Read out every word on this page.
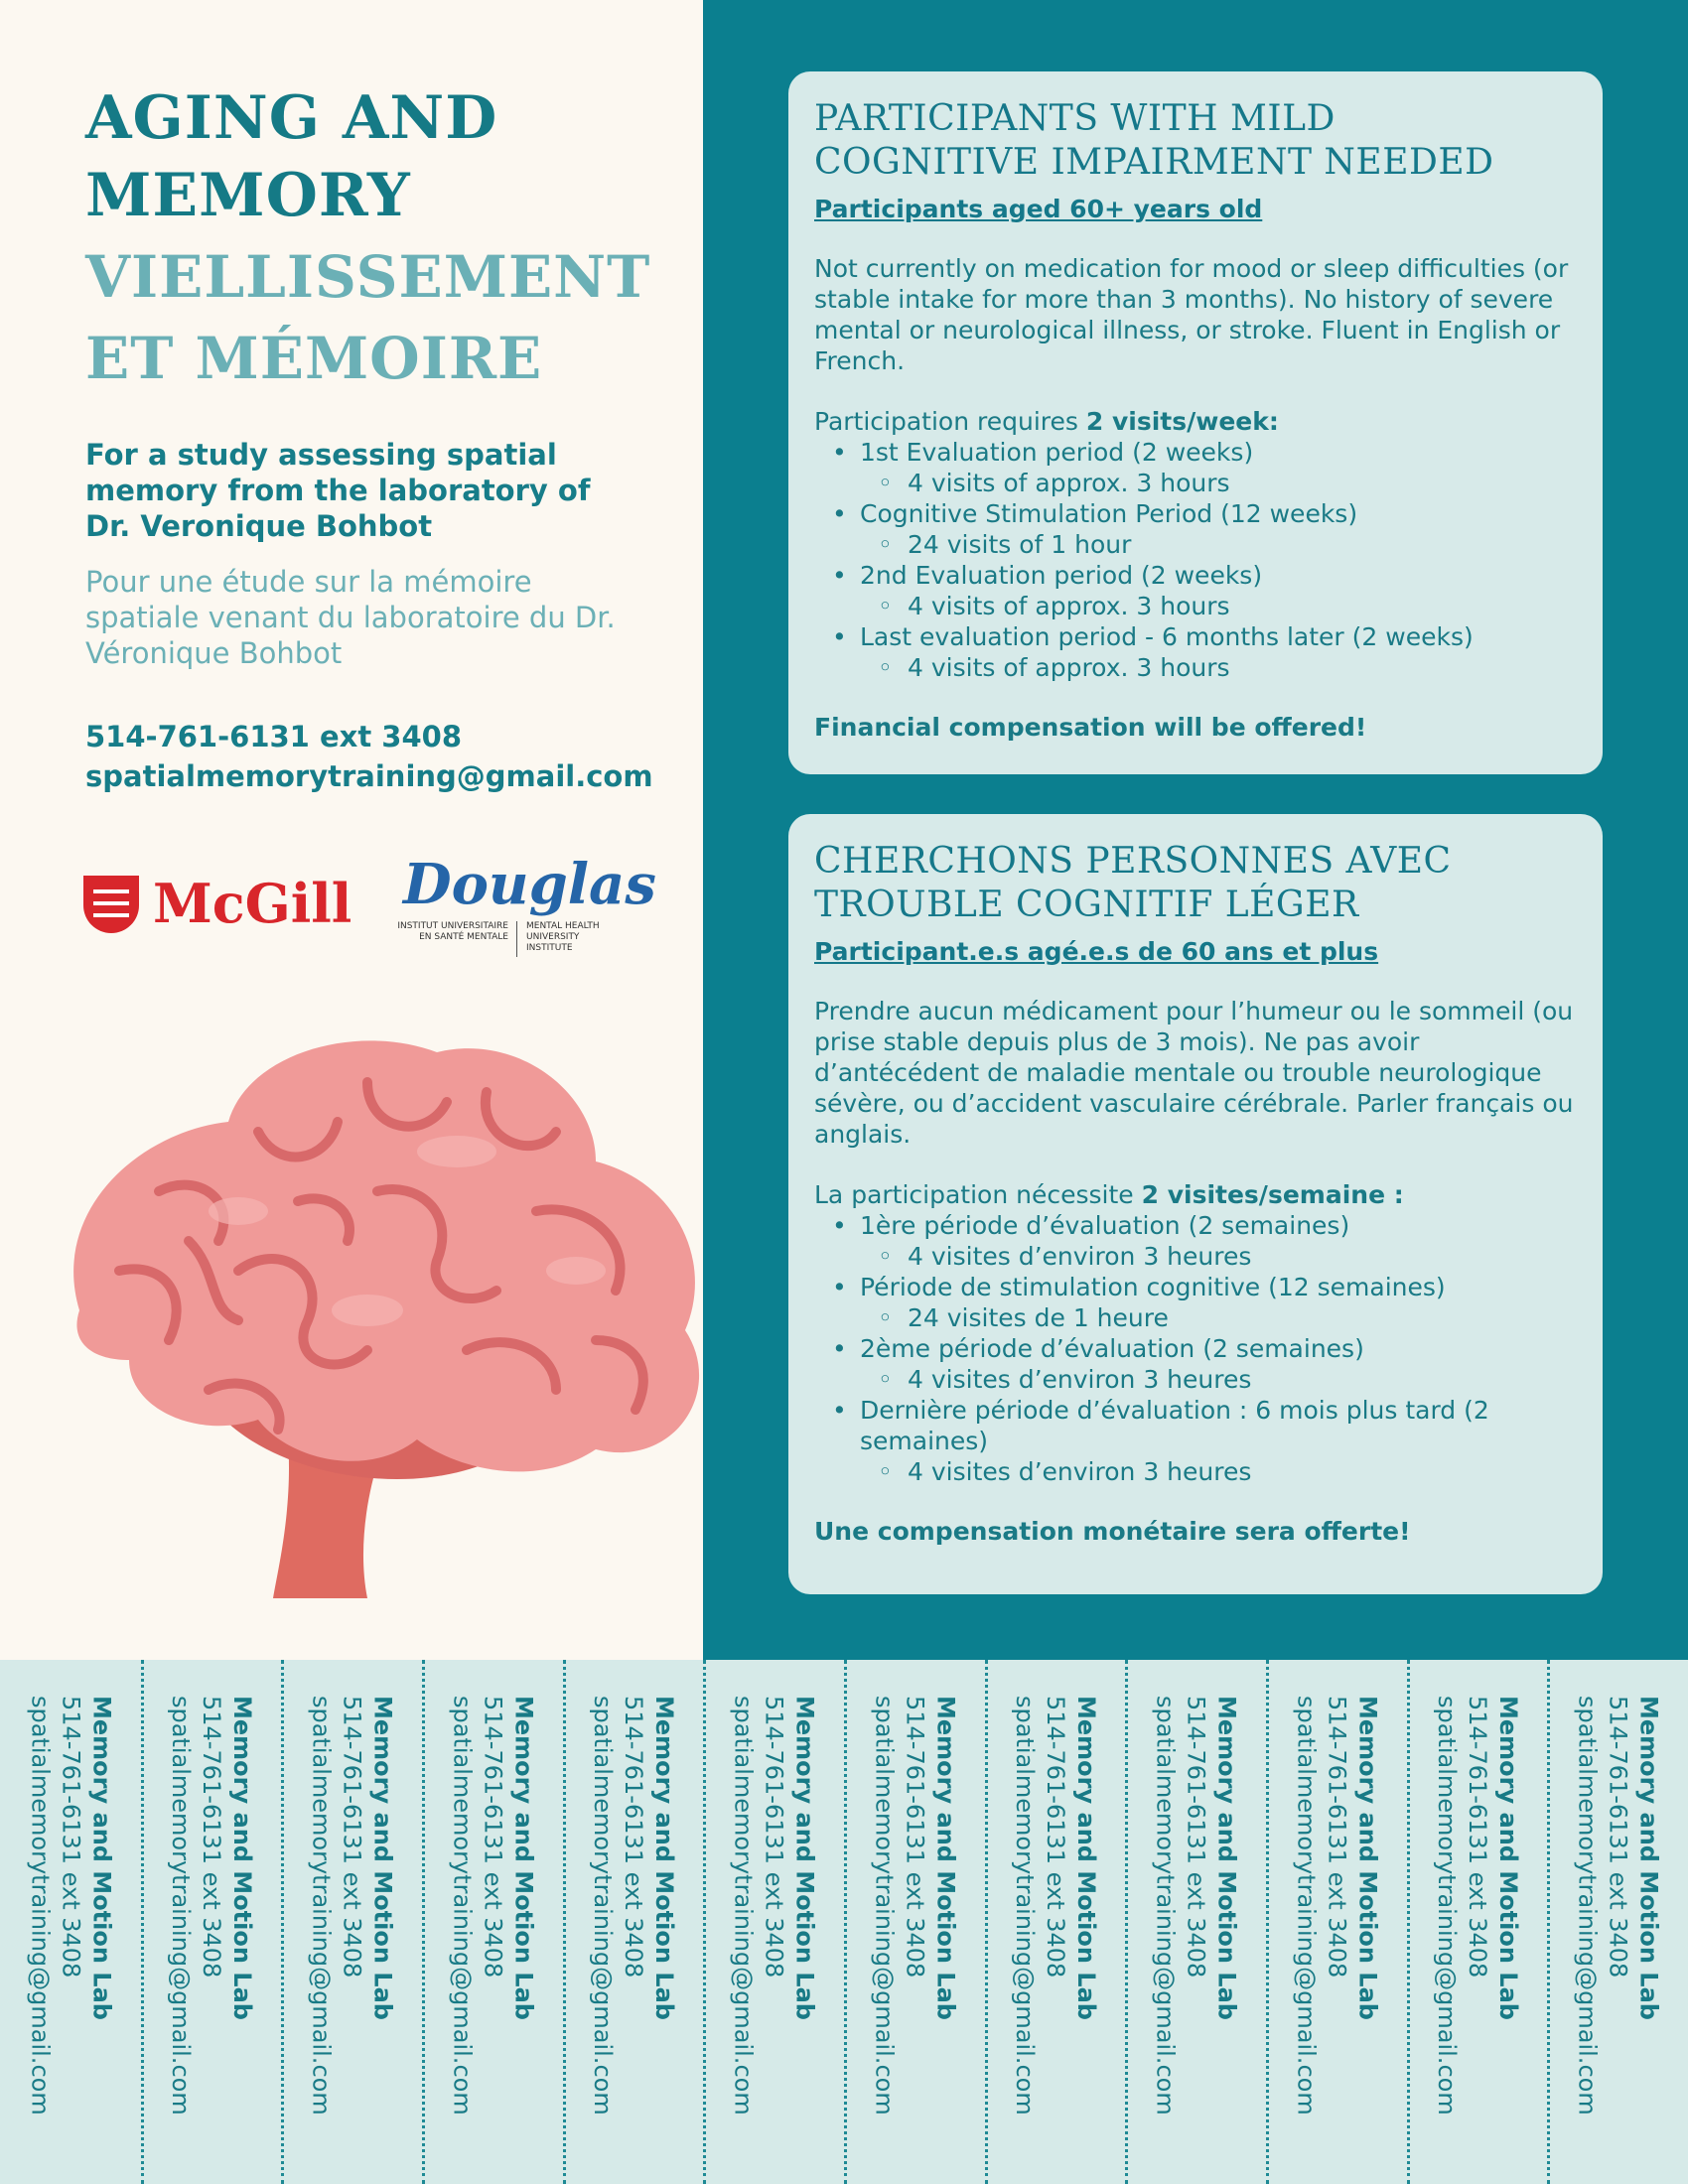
AGING AND
MEMORY
VIELLISSEMENT
ET MÉMOIRE
For a study assessing spatial memory from the laboratory of Dr. Veronique Bohbot
Pour une étude sur la mémoire spatiale venant du laboratoire du Dr. Véronique Bohbot
514-761-6131 ext 3408
spatialmemorytraining@gmail.com
McGill Douglas
INSTITUT UNIVERSITAIRE EN SANTÉ MENTALE
MENTAL HEALTH UNIVERSITY INSTITUTE
PARTICIPANTS WITH MILD
COGNITIVE IMPAIRMENT NEEDED
Participants aged 60+ years old

Not currently on medication for mood or sleep difficulties (or stable intake for more than 3 months). No history of severe mental or neurological illness, or stroke. Fluent in English or French.

Participation requires 2 visits/week:
• 1st Evaluation period (2 weeks)
◦ 4 visits of approx. 3 hours
• Cognitive Stimulation Period (12 weeks)
◦ 24 visits of 1 hour
• 2nd Evaluation period (2 weeks)
◦ 4 visits of approx. 3 hours
• Last evaluation period - 6 months later (2 weeks)
◦ 4 visits of approx. 3 hours
Financial compensation will be offered!
CHERCHONS PERSONNES AVEC
TROUBLE COGNITIF LÉGER
Participant.e.s agé.e.s de 60 ans et plus

Prendre aucun médicament pour l’humeur ou le sommeil (ou prise stable depuis plus de 3 mois). Ne pas avoir d’antécédent de maladie mentale ou trouble neurologique sévère, ou d’accident vasculaire cérébrale. Parler français ou anglais.

La participation nécessite 2 visites/semaine :
• 1ère période d’évaluation (2 semaines)
◦ 4 visites d’environ 3 heures
• Période de stimulation cognitive (12 semaines)
◦ 24 visites de 1 heure
• 2ème période d’évaluation (2 semaines)
◦ 4 visites d’environ 3 heures
• Dernière période d’évaluation : 6 mois plus tard (2 semaines)
◦ 4 visites d’environ 3 heures
Une compensation monétaire sera offerte!
Memory and Motion Lab
514-761-6131 ext 3408
spatialmemorytraining@gmail.com	Memory and Motion Lab
514-761-6131 ext 3408
spatialmemorytraining@gmail.com	Memory and Motion Lab
514-761-6131 ext 3408
spatialmemorytraining@gmail.com	Memory and Motion Lab
514-761-6131 ext 3408
spatialmemorytraining@gmail.com	Memory and Motion Lab
514-761-6131 ext 3408
spatialmemorytraining@gmail.com	Memory and Motion Lab
514-761-6131 ext 3408
spatialmemorytraining@gmail.com	Memory and Motion Lab
514-761-6131 ext 3408
spatialmemorytraining@gmail.com	Memory and Motion Lab
514-761-6131 ext 3408
spatialmemorytraining@gmail.com	Memory and Motion Lab
514-761-6131 ext 3408
spatialmemorytraining@gmail.com	Memory and Motion Lab
514-761-6131 ext 3408
spatialmemorytraining@gmail.com	Memory and Motion Lab
514-761-6131 ext 3408
spatialmemorytraining@gmail.com	Memory and Motion Lab
514-761-6131 ext 3408
spatialmemorytraining@gmail.com
